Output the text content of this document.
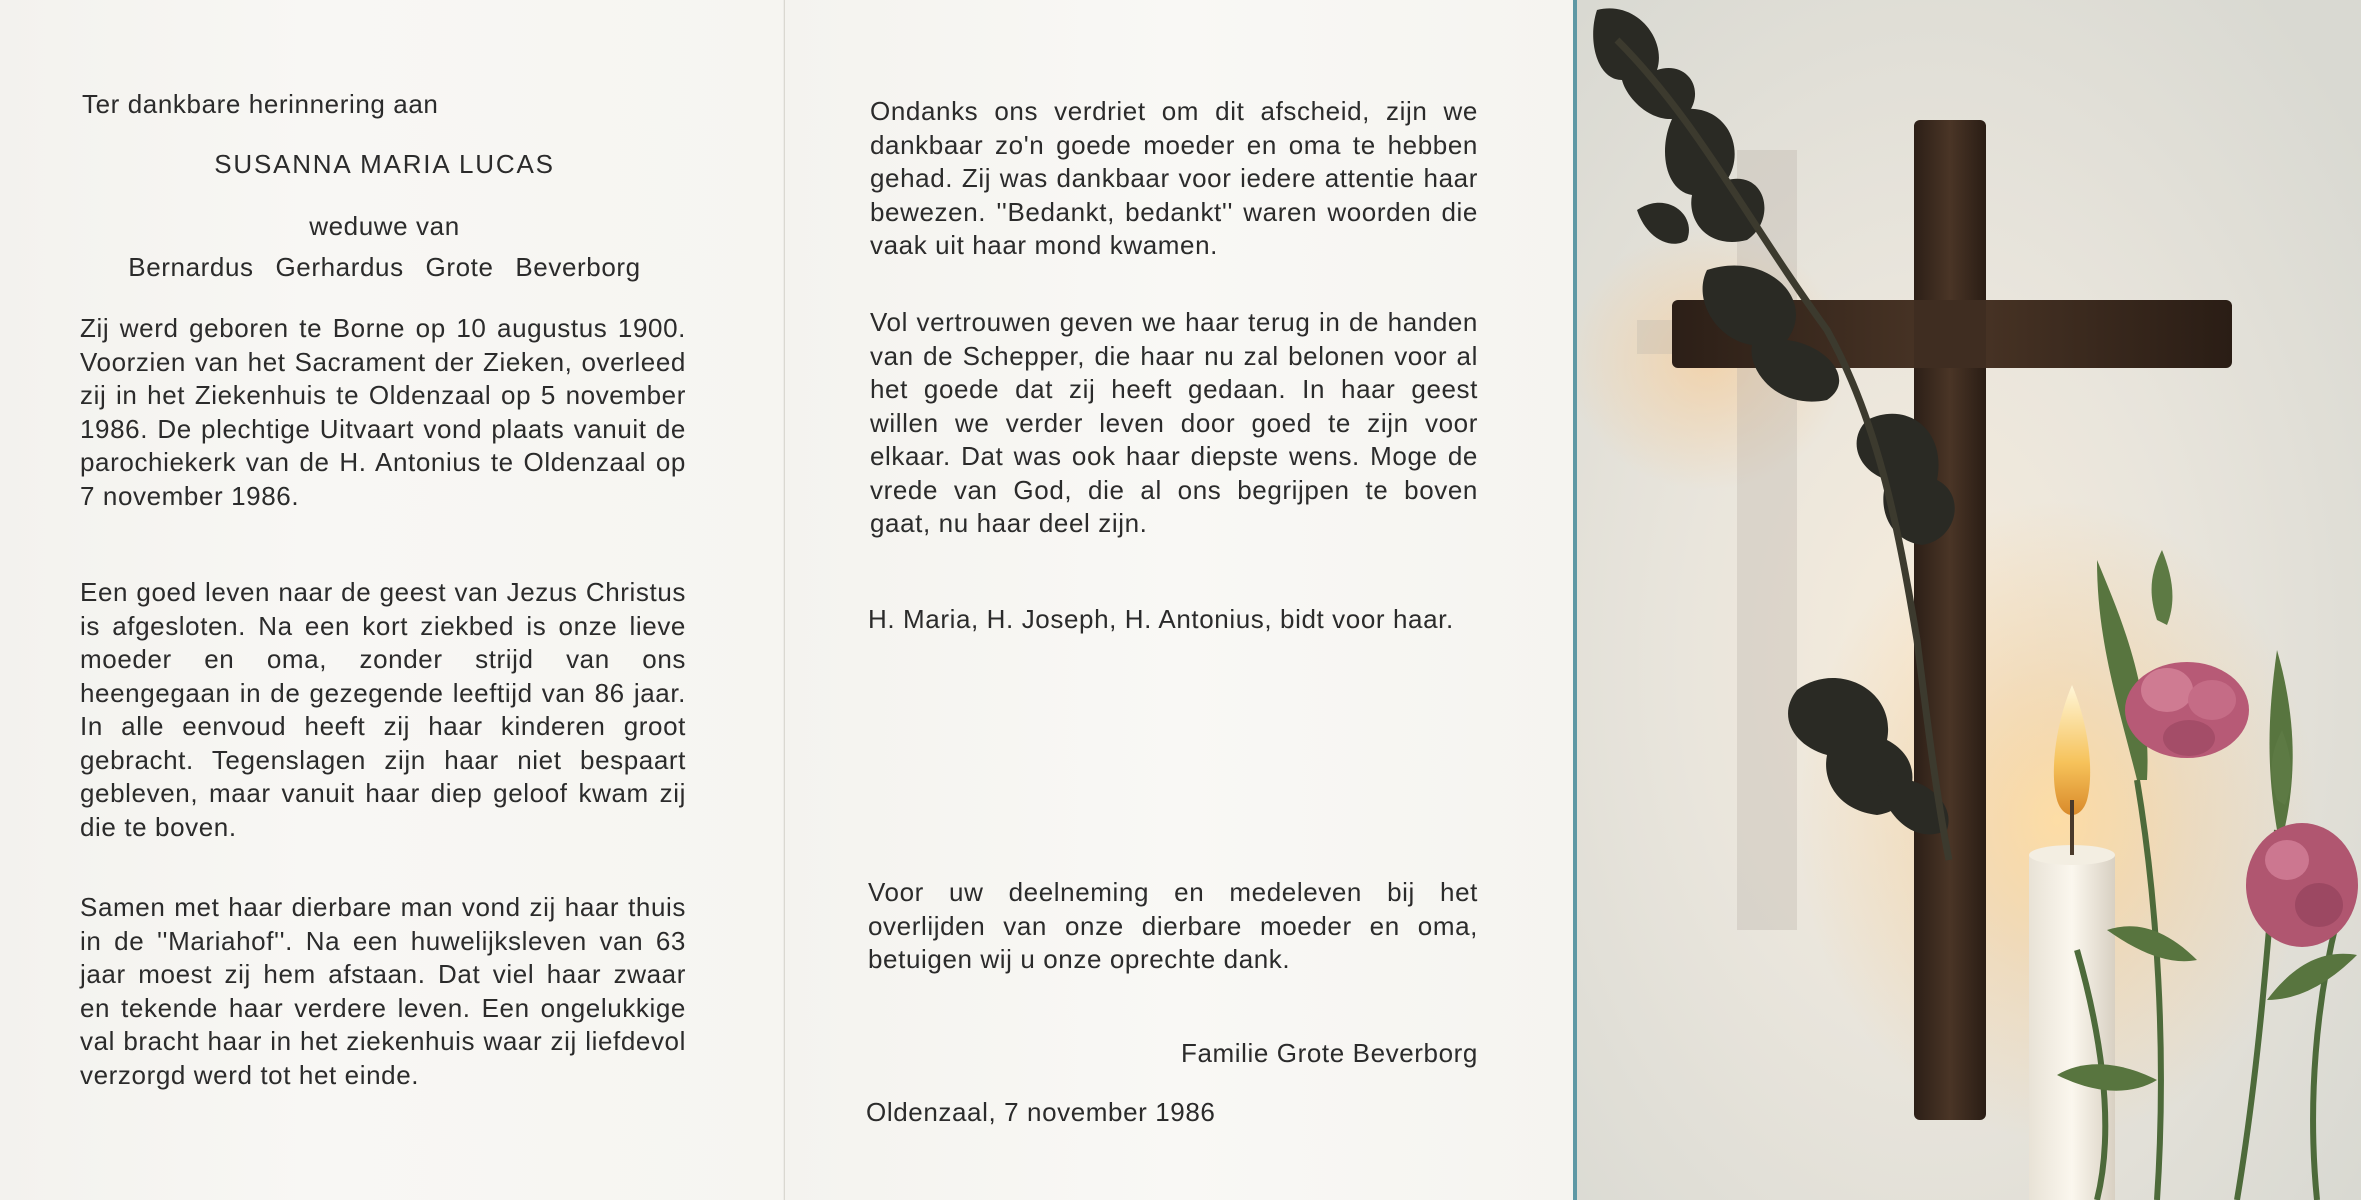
Ter dankbare herinnering aan

SUSANNA MARIA LUCAS

weduwe van

Bernardus Gerhardus Grote Beverborg

Zij werd geboren te Borne op 10 augustus 1900. Voorzien van het Sacrament der Zieken, overleed zij in het Ziekenhuis te Oldenzaal op 5 november 1986. De plechtige Uitvaart vond plaats vanuit de parochiekerk van de H. Antonius te Oldenzaal op 7 november 1986.

Een goed leven naar de geest van Jezus Christus is afgesloten. Na een kort ziekbed is onze lieve moeder en oma, zonder strijd van ons heengegaan in de gezegende leeftijd van 86 jaar. In alle eenvoud heeft zij haar kinderen groot gebracht. Tegenslagen zijn haar niet bespaart gebleven, maar vanuit haar diep geloof kwam zij die te boven.

Samen met haar dierbare man vond zij haar thuis in de ''Mariahof''. Na een huwelijksleven van 63 jaar moest zij hem afstaan. Dat viel haar zwaar en tekende haar verdere leven. Een ongelukkige val bracht haar in het ziekenhuis waar zij liefdevol verzorgd werd tot het einde.

Ondanks ons verdriet om dit afscheid, zijn we dankbaar zo'n goede moeder en oma te hebben gehad. Zij was dankbaar voor iedere attentie haar bewezen. ''Bedankt, bedankt'' waren woorden die vaak uit haar mond kwamen.

Vol vertrouwen geven we haar terug in de handen van de Schepper, die haar nu zal belonen voor al het goede dat zij heeft gedaan. In haar geest willen we verder leven door goed te zijn voor elkaar. Dat was ook haar diepste wens. Moge de vrede van God, die al ons begrijpen te boven gaat, nu haar deel zijn.

H. Maria, H. Joseph, H. Antonius, bidt voor haar.

Voor uw deelneming en medeleven bij het overlijden van onze dierbare moeder en oma, betuigen wij u onze oprechte dank.

Familie Grote Beverborg

Oldenzaal, 7 november 1986
